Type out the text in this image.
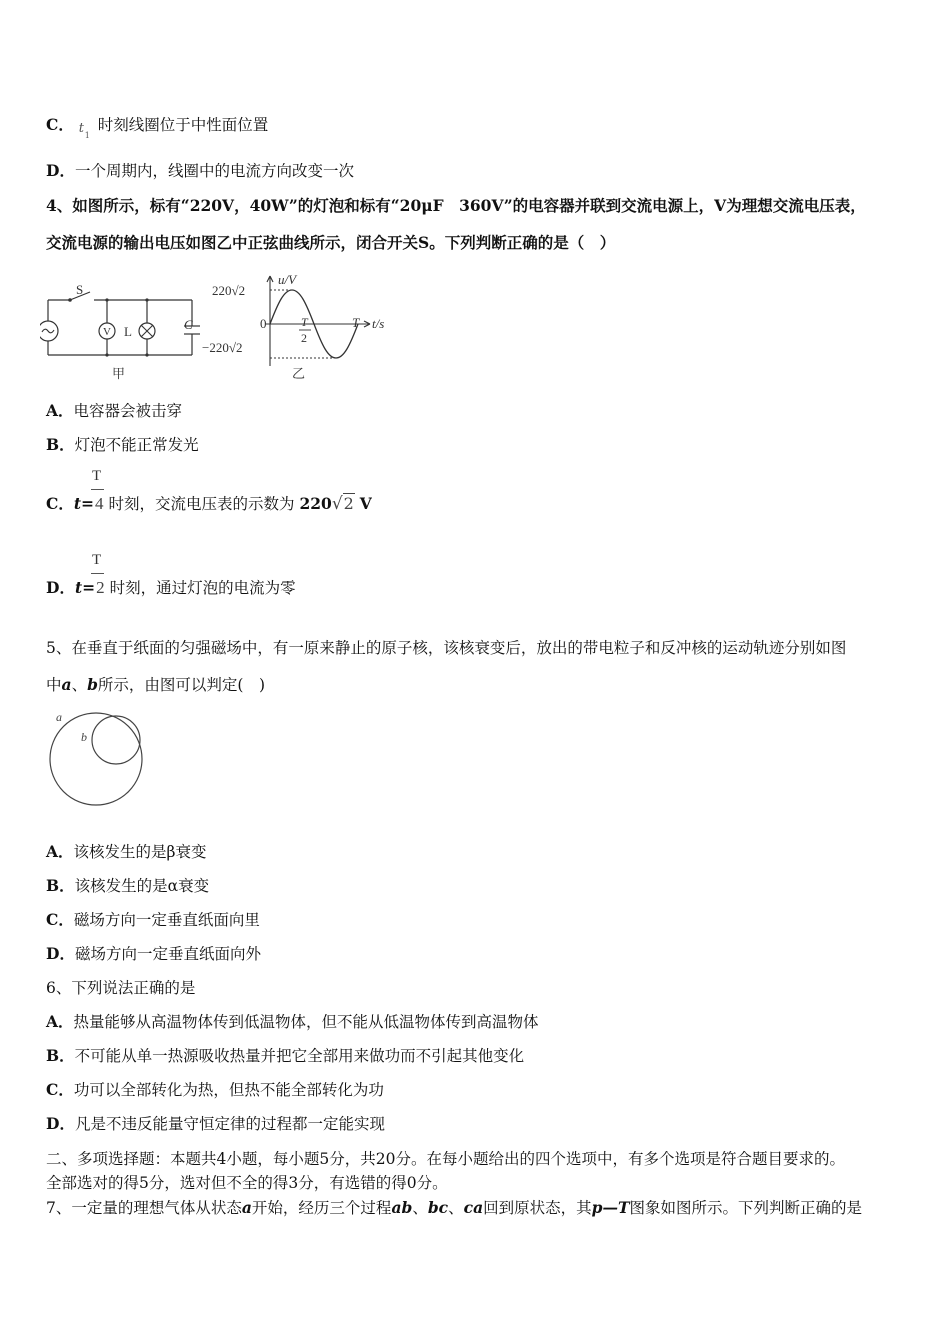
C． t 1
时刻线圈位于中性面位置
D．一个周期内，线圈中的电流方向改变一次
4、如图所示，标有“220V，40W”的灯泡和标有“20μF　360V”的电容器并联到交流电源上，V为理想交流电压表，
交流电源的输出电压如图乙中正弦曲线所示，闭合开关S。下列判断正确的是（　）
S
V L	C
甲
u/V
t/s
220√2
−220√2
0	T
2
T
乙
A．电容器会被击穿
B．灯泡不能正常发光
T
C．t=4 时刻，交流电压表的示数为 220√2 V
T
D．t=2 时刻，通过灯泡的电流为零
5、在垂直于纸面的匀强磁场中，有一原来静止的原子核，该核衰变后，放出的带电粒子和反冲核的运动轨迹分别如图
中a、b所示，由图可以判定(　)
a
b
A．该核发生的是β衰变
B．该核发生的是α衰变
C．磁场方向一定垂直纸面向里
D．磁场方向一定垂直纸面向外
6、下列说法正确的是
A．热量能够从高温物体传到低温物体，但不能从低温物体传到高温物体
B．不可能从单一热源吸收热量并把它全部用来做功而不引起其他变化
C．功可以全部转化为热，但热不能全部转化为功
D．凡是不违反能量守恒定律的过程都一定能实现
二、多项选择题：本题共4小题，每小题5分，共20分。在每小题给出的四个选项中，有多个选项是符合题目要求的。
全部选对的得5分，选对但不全的得3分，有选错的得0分。
7、一定量的理想气体从状态a开始，经历三个过程ab、bc、ca回到原状态，其p—T图象如图所示。下列判断正确的是
